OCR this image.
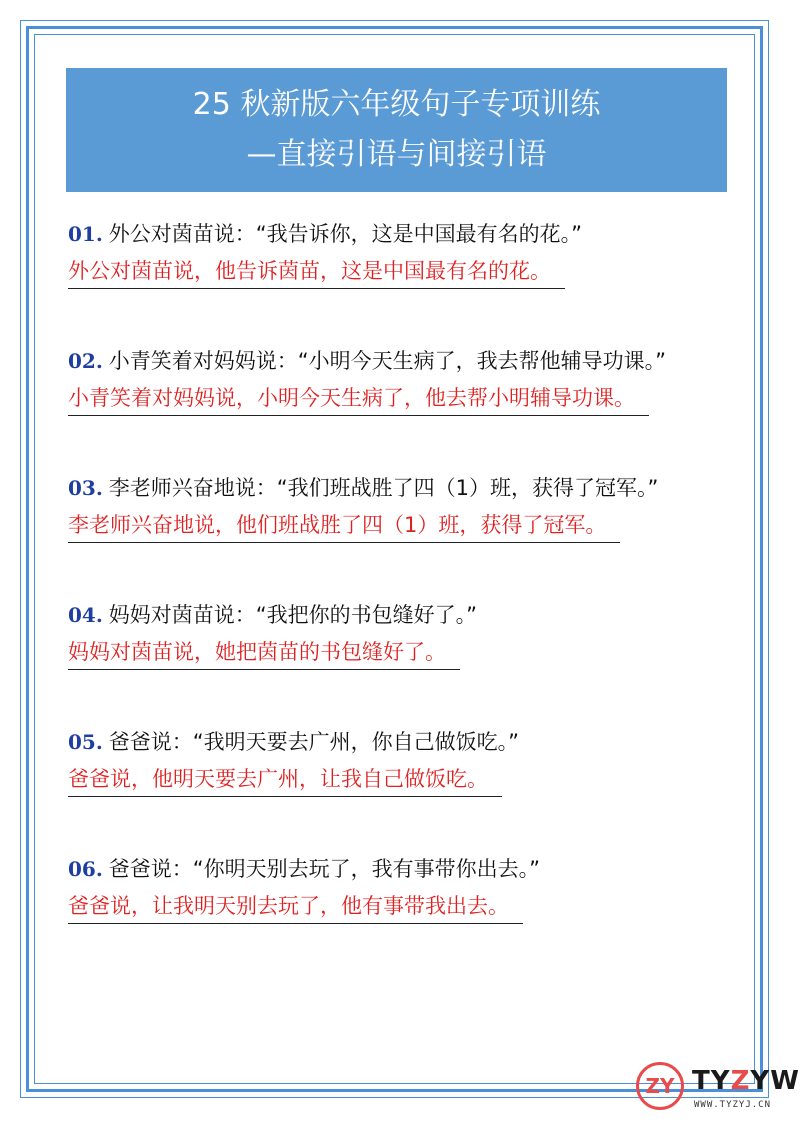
25 秋新版六年级句子专项训练
—直接引语与间接引语
01. 外公对茵苗说：“我告诉你，这是中国最有名的花。”
外公对茵苗说，他告诉茵苗，这是中国最有名的花。
02. 小青笑着对妈妈说：“小明今天生病了，我去帮他辅导功课。”
小青笑着对妈妈说，小明今天生病了，他去帮小明辅导功课。
03. 李老师兴奋地说：“我们班战胜了四（1）班，获得了冠军。”
李老师兴奋地说，他们班战胜了四（1）班，获得了冠军。
04. 妈妈对茵苗说：“我把你的书包缝好了。”
妈妈对茵苗说，她把茵苗的书包缝好了。
05. 爸爸说：“我明天要去广州，你自己做饭吃。”
爸爸说，他明天要去广州，让我自己做饭吃。
06. 爸爸说：“你明天别去玩了，我有事带你出去。”
爸爸说，让我明天别去玩了，他有事带我出去。
ZY TYZYW
WWW.TYZYJ.CN
